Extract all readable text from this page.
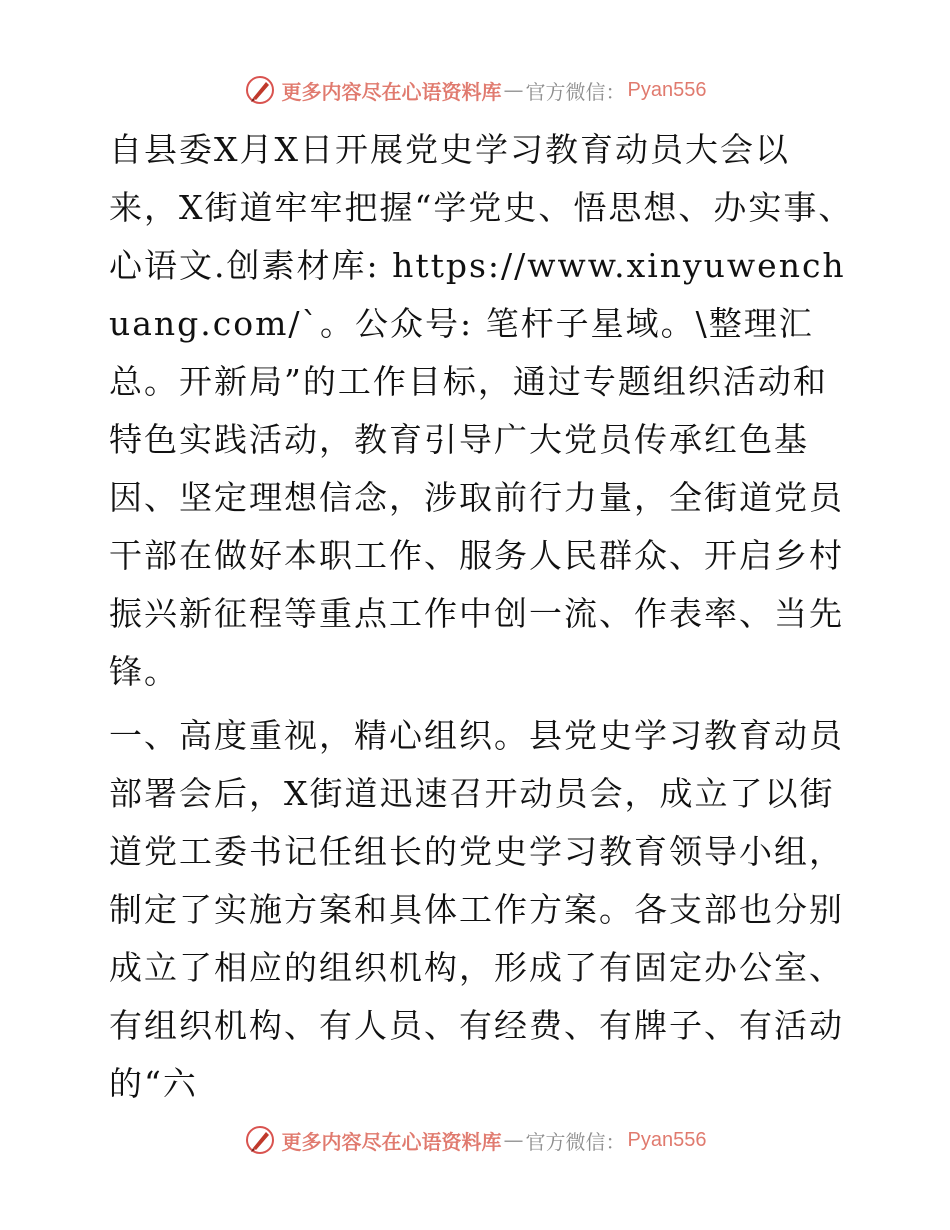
更多内容尽在心语资料库 — 官方微信： Pyan556

自县委X月X日开展党史学习教育动员大会以来，X街道牢牢把握“学党史、悟思想、办实事、心语文.创素材库: https://www.xinyuwenchuang.com/`。公众号: 笔杆子星域。\整理汇总。开新局”的工作目标，通过专题组织活动和特色实践活动，教育引导广大党员传承红色基因、坚定理想信念，涉取前行力量，全街道党员干部在做好本职工作、服务人民群众、开启乡村振兴新征程等重点工作中创一流、作表率、当先锋。

一、高度重视，精心组织。县党史学习教育动员部署会后，X街道迅速召开动员会，成立了以街道党工委书记任组长的党史学习教育领导小组，制定了实施方案和具体工作方案。各支部也分别成立了相应的组织机构，形成了有固定办公室、有组织机构、有人员、有经费、有牌子、有活动的“六

更多内容尽在心语资料库 — 官方微信： Pyan556
